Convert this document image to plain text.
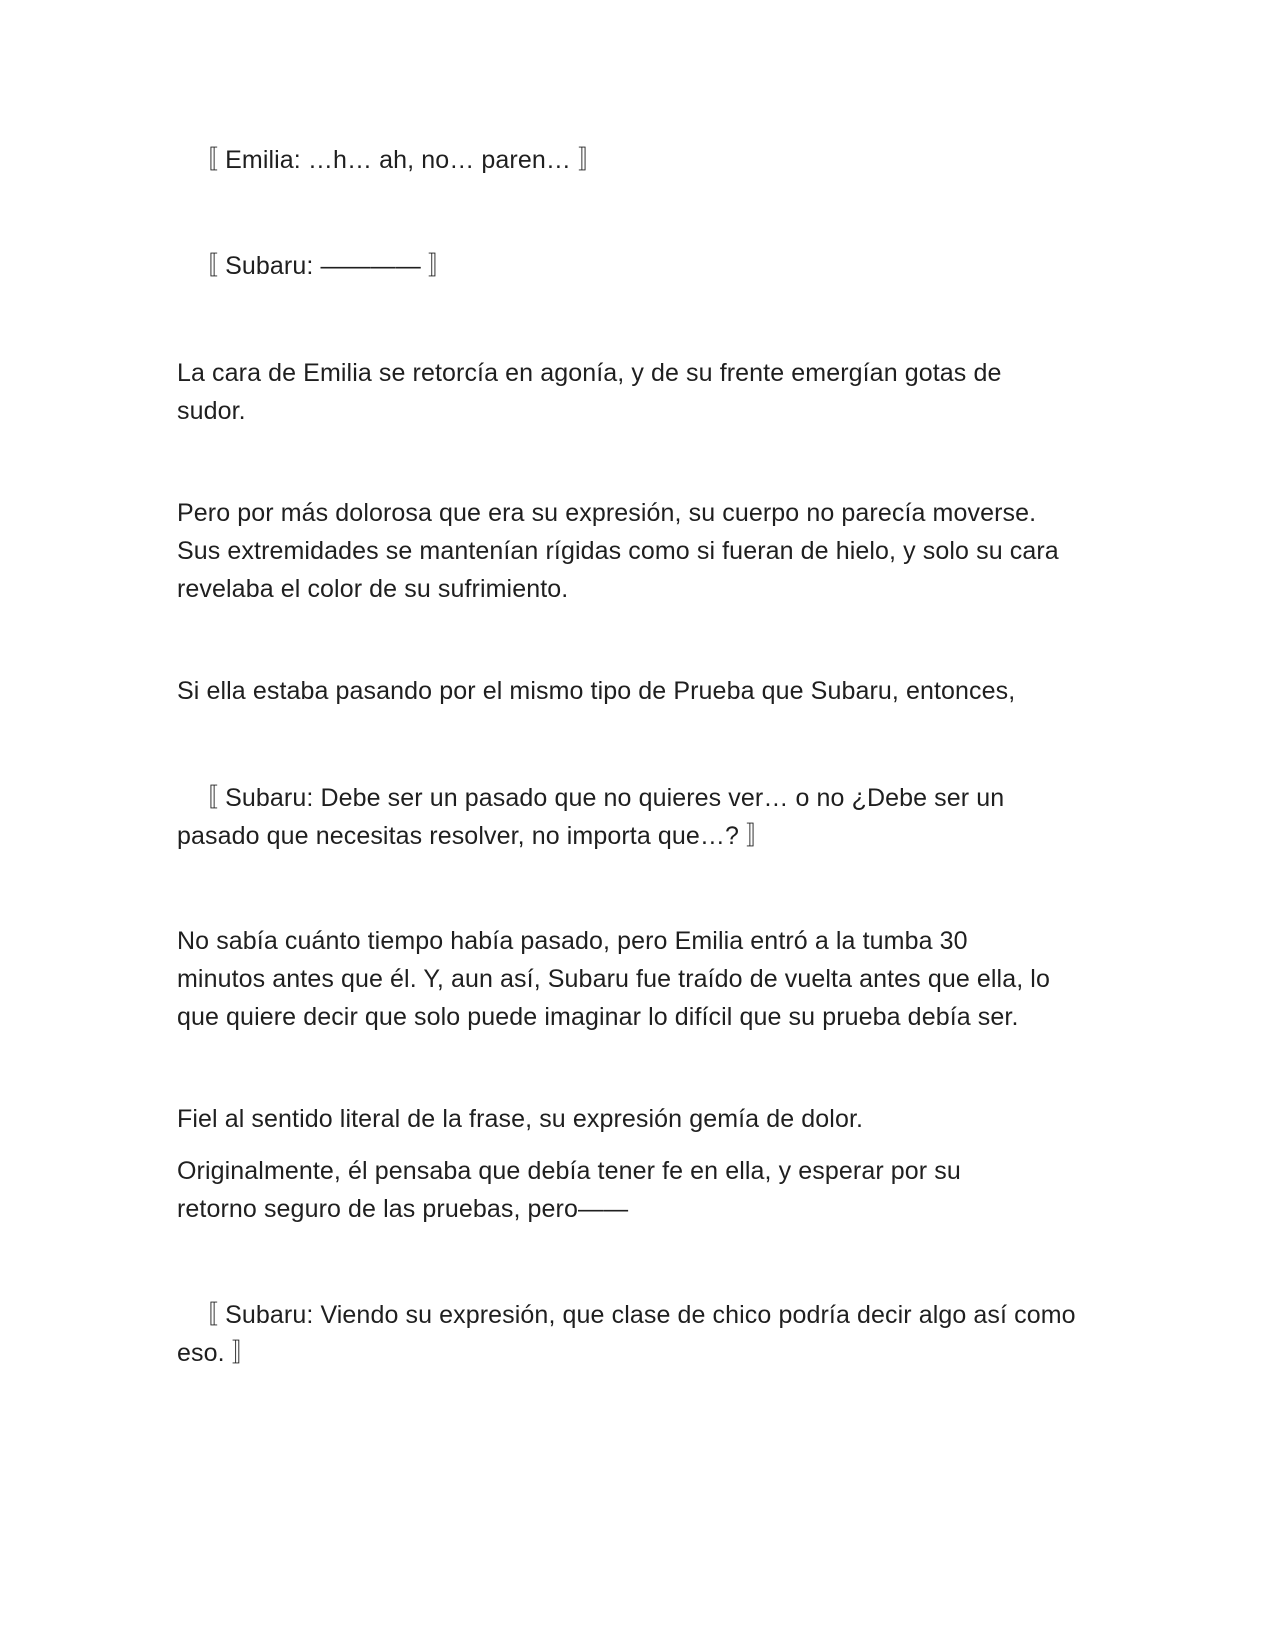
〚 Emilia: …h… ah, no… paren… 〛

〚 Subaru: ———— 〛

La cara de Emilia se retorcía en agonía, y de su frente emergían gotas de
sudor.

Pero por más dolorosa que era su expresión, su cuerpo no parecía moverse.
Sus extremidades se mantenían rígidas como si fueran de hielo, y solo su cara
revelaba el color de su sufrimiento.

Si ella estaba pasando por el mismo tipo de Prueba que Subaru, entonces,

〚 Subaru: Debe ser un pasado que no quieres ver… o no ¿Debe ser un
pasado que necesitas resolver, no importa que…? 〛

No sabía cuánto tiempo había pasado, pero Emilia entró a la tumba 30
minutos antes que él. Y, aun así, Subaru fue traído de vuelta antes que ella, lo
que quiere decir que solo puede imaginar lo difícil que su prueba debía ser.

Fiel al sentido literal de la frase, su expresión gemía de dolor.

Originalmente, él pensaba que debía tener fe en ella, y esperar por su
retorno seguro de las pruebas, pero——

〚 Subaru: Viendo su expresión, que clase de chico podría decir algo así como
eso. 〛
